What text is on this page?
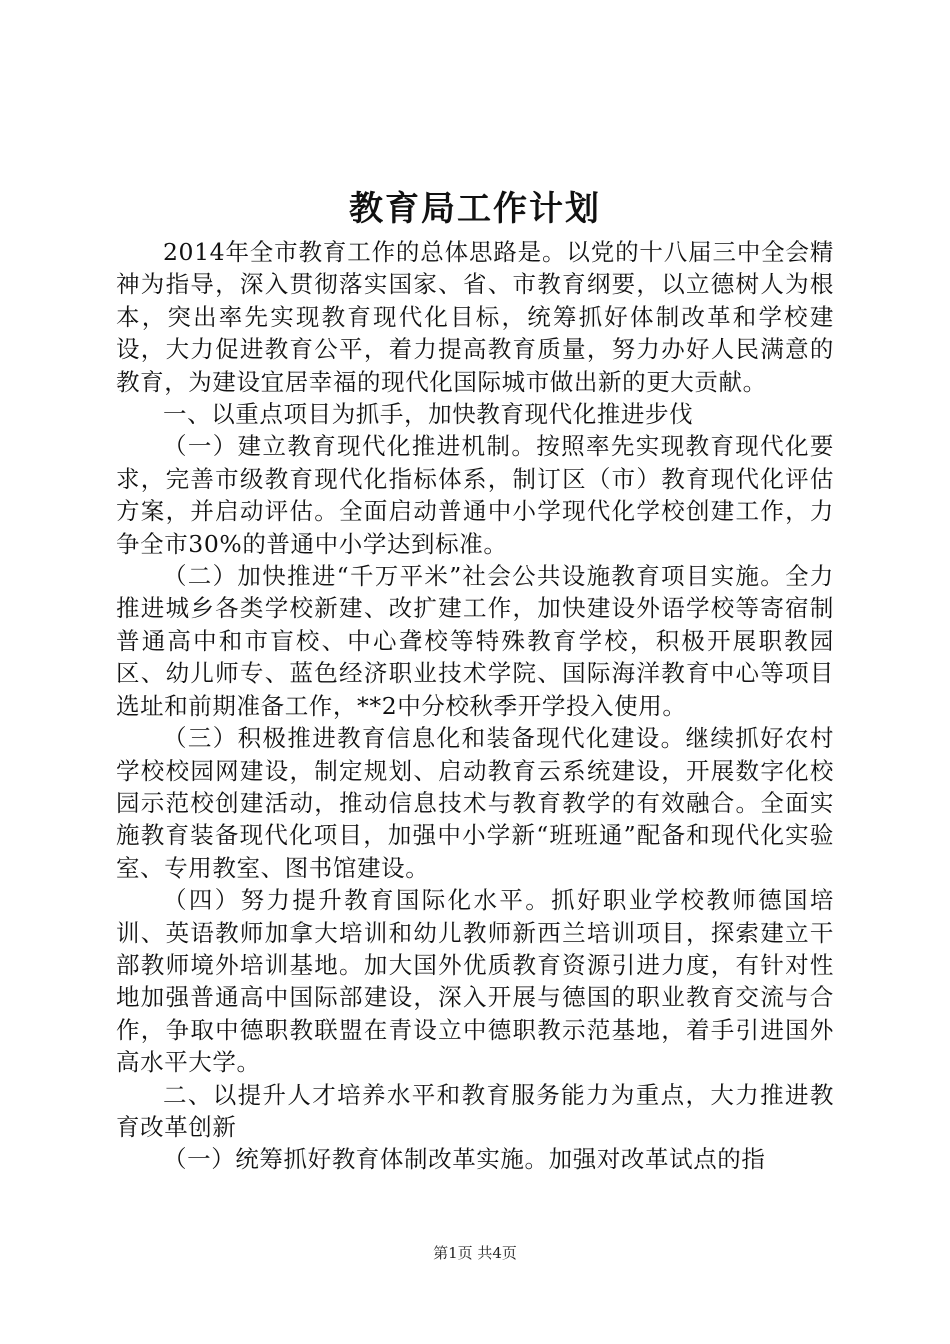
教育局工作计划

2014年全市教育工作的总体思路是。以党的十八届三中全会精神为指导，深入贯彻落实国家、省、市教育纲要，以立德树人为根本，突出率先实现教育现代化目标，统筹抓好体制改革和学校建设，大力促进教育公平，着力提高教育质量，努力办好人民满意的教育，为建设宜居幸福的现代化国际城市做出新的更大贡献。

一、以重点项目为抓手，加快教育现代化推进步伐

（一）建立教育现代化推进机制。按照率先实现教育现代化要求，完善市级教育现代化指标体系，制订区（市）教育现代化评估方案，并启动评估。全面启动普通中小学现代化学校创建工作，力争全市30%的普通中小学达到标准。

（二）加快推进“千万平米”社会公共设施教育项目实施。全力推进城乡各类学校新建、改扩建工作，加快建设外语学校等寄宿制普通高中和市盲校、中心聋校等特殊教育学校，积极开展职教园区、幼儿师专、蓝色经济职业技术学院、国际海洋教育中心等项目选址和前期准备工作，**2中分校秋季开学投入使用。

（三）积极推进教育信息化和装备现代化建设。继续抓好农村学校校园网建设，制定规划、启动教育云系统建设，开展数字化校园示范校创建活动，推动信息技术与教育教学的有效融合。全面实施教育装备现代化项目，加强中小学新“班班通”配备和现代化实验室、专用教室、图书馆建设。

（四）努力提升教育国际化水平。抓好职业学校教师德国培训、英语教师加拿大培训和幼儿教师新西兰培训项目，探索建立干部教师境外培训基地。加大国外优质教育资源引进力度，有针对性地加强普通高中国际部建设，深入开展与德国的职业教育交流与合作，争取中德职教联盟在青设立中德职教示范基地，着手引进国外高水平大学。

二、以提升人才培养水平和教育服务能力为重点，大力推进教育改革创新

（一）统筹抓好教育体制改革实施。加强对改革试点的指

第1页 共4页
